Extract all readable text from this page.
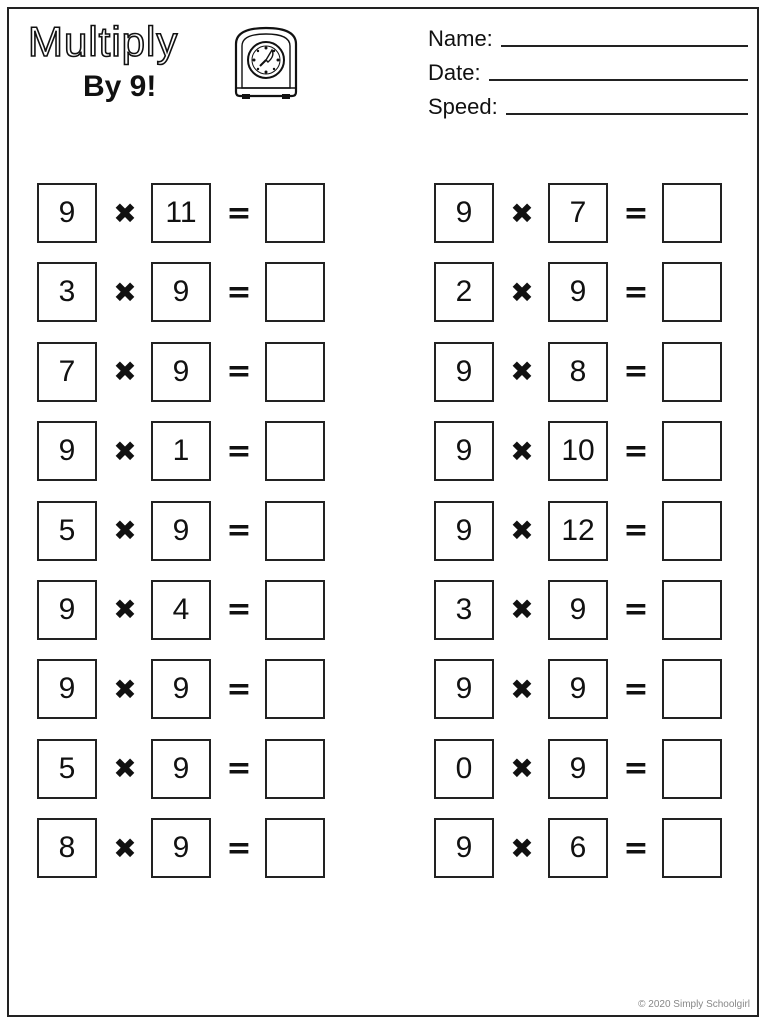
Multiply
By 9!
Name:
Date:
Speed:
9	✖ 11 =
3	✖	9	=
7	✖	9	=
9	✖	1	=
5	✖	9	=
9	✖	4	=
9	✖	9	=
5	✖	9	=
8	✖	9	=
9	✖	7	=
2	✖	9	=
9	✖	8	=
9	✖ 10 =
9	✖ 12 =
3	✖	9	=
9	✖	9	=
0	✖	9	=
9	✖	6	=
© 2020 Simply Schoolgirl
